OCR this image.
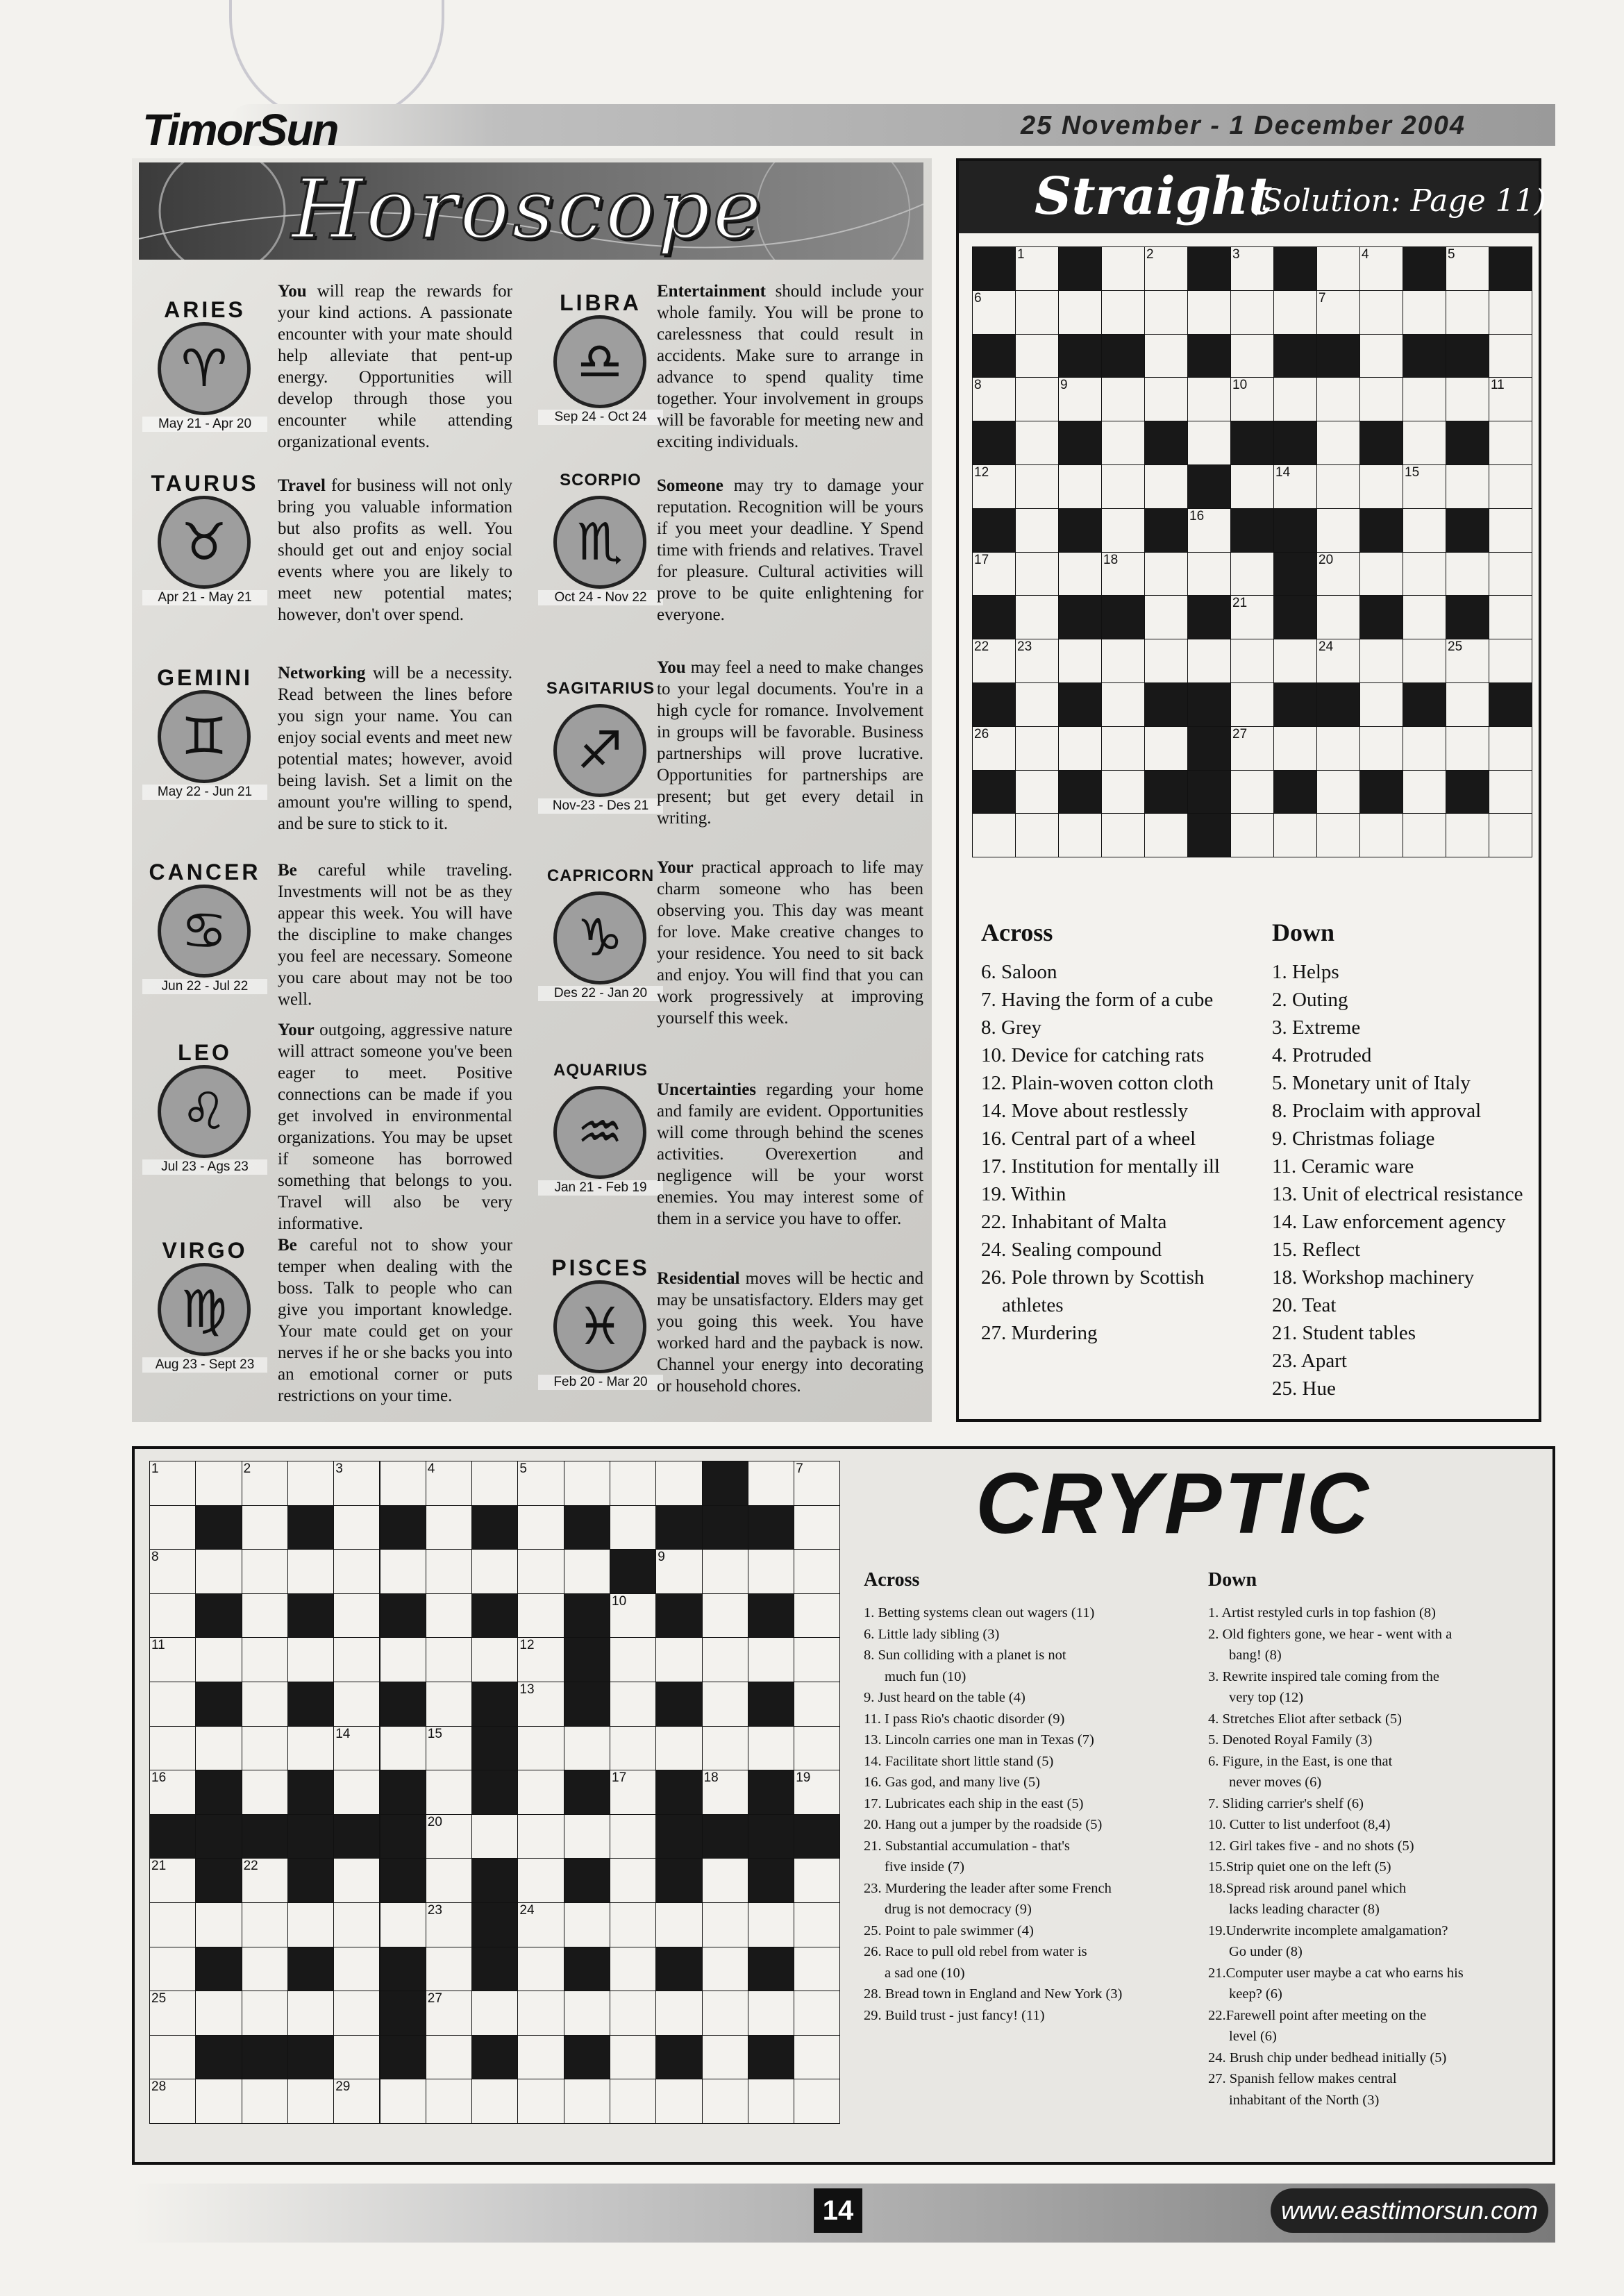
TimorSun	25 November - 1 December 2004
Horoscope
ARIES
♈
May 21 - Apr 20
You will reap the rewards for your kind actions. A passionate encounter with your mate should help alleviate that pent-up energy. Opportunities will develop through those you encounter while attending organizational events.
TAURUS
♉
Apr 21 - May 21
Travel for business will not only bring you valuable information but also profits as well. You should get out and enjoy social events where you are likely to meet new potential mates; however, don't over spend.
GEMINI
♊
May 22 - Jun 21
Networking will be a necessity. Read between the lines before you sign your name. You can enjoy social events and meet new potential mates; however, avoid being lavish. Set a limit on the amount you're willing to spend, and be sure to stick to it.
CANCER
♋
Jun 22 - Jul 22
Be careful while traveling. Investments will not be as they appear this week. You will have the discipline to make changes you feel are necessary. Someone you care about may not be too well.
LEO
♌
Jul 23 - Ags 23
Your outgoing, aggressive nature will attract someone you've been eager to meet. Positive connections can be made if you get involved in environmental organizations. You may be upset if someone has borrowed something that belongs to you. Travel will also be very informative.
VIRGO
♍
Aug 23 - Sept 23
Be careful not to show your temper when dealing with the boss. Talk to people who can give you important knowledge. Your mate could get on your nerves if he or she backs you into an emotional corner or puts restrictions on your time.
LIBRA
♎
Sep 24 - Oct 24
Entertainment should include your whole family. You will be prone to carelessness that could result in accidents. Make sure to arrange in advance to spend quality time together. Your involvement in groups will be favorable for meeting new and exciting individuals.
SCORPIO
♏
Oct 24 - Nov 22
Someone may try to damage your reputation. Recognition will be yours if you meet your deadline. Y Spend time with friends and relatives. Travel for pleasure. Cultural activities will prove to be quite enlightening for everyone.
SAGITARIUS
♐
Nov-23 - Des 21
You may feel a need to make changes to your legal documents. You're in a high cycle for romance. Involvement in groups will be favorable. Business partnerships will prove lucrative. Opportunities for partnerships are present; but get every detail in writing.
CAPRICORN
♑
Des 22 - Jan 20
Your practical approach to life may charm someone who has been observing you. This day was meant for love. Make creative changes to your residence. You need to sit back and enjoy. You will find that you can work progressively at improving yourself this week.
AQUARIUS
♒
Jan 21 - Feb 19
Uncertainties regarding your home and family are evident. Opportunities will come through behind the scenes activities. Overexertion and negligence will be your worst enemies. You may interest some of them in a service you have to offer.
PISCES
♓
Feb 20 - Mar 20
Residential moves will be hectic and may be unsatisfactory. Elders may get you going this week. You have worked hard and the payback is now. Channel your energy into decorating or household chores.
Straight
(Solution: Page 11)
1	2	3	4	5
6	7
8	9	10	11
12	14	15
16
17	18	20
21
22 23	24	25
26	27
Across	Down
6. Saloon
7. Having the form of a cube
8. Grey
10. Device for catching rats
12. Plain-woven cotton cloth
14. Move about restlessly
16. Central part of a wheel
17. Institution for mentally ill
19. Within
22. Inhabitant of Malta
24. Sealing compound
26. Pole thrown by Scottish
athletes
27. Murdering
1. Helps
2. Outing
3. Extreme
4. Protruded
5. Monetary unit of Italy
8. Proclaim with approval
9. Christmas foliage
11. Ceramic ware
13. Unit of electrical resistance
14. Law enforcement agency
15. Reflect
18. Workshop machinery
20. Teat
21. Student tables
23. Apart
25. Hue
1	2	3	4	5	7
8	9
10
11	12
13
14	15
16	17	18	19
20
21	22
23	24
25	27
28	29
CRYPTIC
Across	Down
1. Betting systems clean out wagers (11)
6. Little lady sibling (3)
8. Sun colliding with a planet is not
much fun (10)
9. Just heard on the table (4)
11. I pass Rio's chaotic disorder (9)
13. Lincoln carries one man in Texas (7)
14. Facilitate short little stand (5)
16. Gas god, and many live (5)
17. Lubricates each ship in the east (5)
20. Hang out a jumper by the roadside (5)
21. Substantial accumulation - that's
five inside (7)
23. Murdering the leader after some French
drug is not democracy (9)
25. Point to pale swimmer (4)
26. Race to pull old rebel from water is
a sad one (10)
28. Bread town in England and New York (3)
29. Build trust - just fancy! (11)
1. Artist restyled curls in top fashion (8)
2. Old fighters gone, we hear - went with a
bang! (8)
3. Rewrite inspired tale coming from the
very top (12)
4. Stretches Eliot after setback (5)
5. Denoted Royal Family (3)
6. Figure, in the East, is one that
never moves (6)
7. Sliding carrier's shelf (6)
10. Cutter to list underfoot (8,4)
12. Girl takes five - and no shots (5)
15.Strip quiet one on the left (5)
18.Spread risk around panel which
lacks leading character (8)
19.Underwrite incomplete amalgamation?
Go under (8)
21.Computer user maybe a cat who earns his
keep? (6)
22.Farewell point after meeting on the
level (6)
24. Brush chip under bedhead initially (5)
27. Spanish fellow makes central
inhabitant of the North (3)
14	www.easttimorsun.com
